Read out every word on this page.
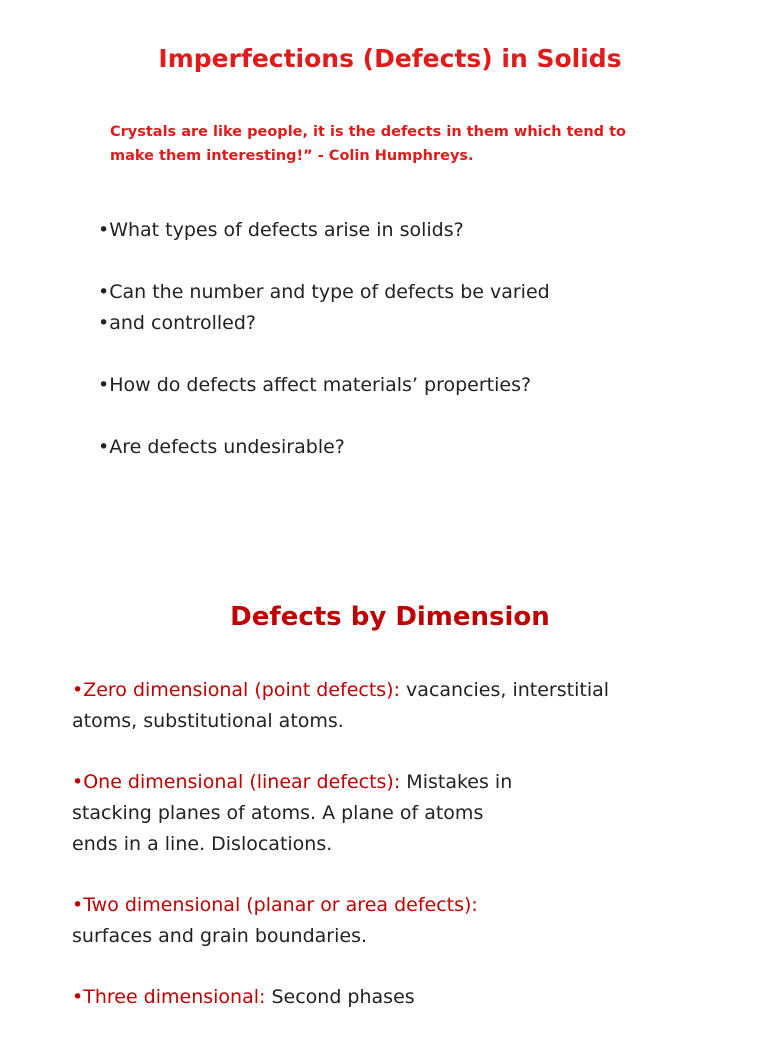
Imperfections (Defects) in Solids

Crystals are like people, it is the defects in them which tend to
make them interesting!” - Colin Humphreys.

•What types of defects arise in solids?
•Can the number and type of defects be varied
•and controlled?
•How do defects affect materials’ properties?
•Are defects undesirable?
Defects by Dimension
•Zero dimensional (point defects): vacancies, interstitial
atoms, substitutional atoms.
•One dimensional (linear defects): Mistakes in
stacking planes of atoms. A plane of atoms
ends in a line. Dislocations.
•Two dimensional (planar or area defects):
surfaces and grain boundaries.
•Three dimensional: Second phases
